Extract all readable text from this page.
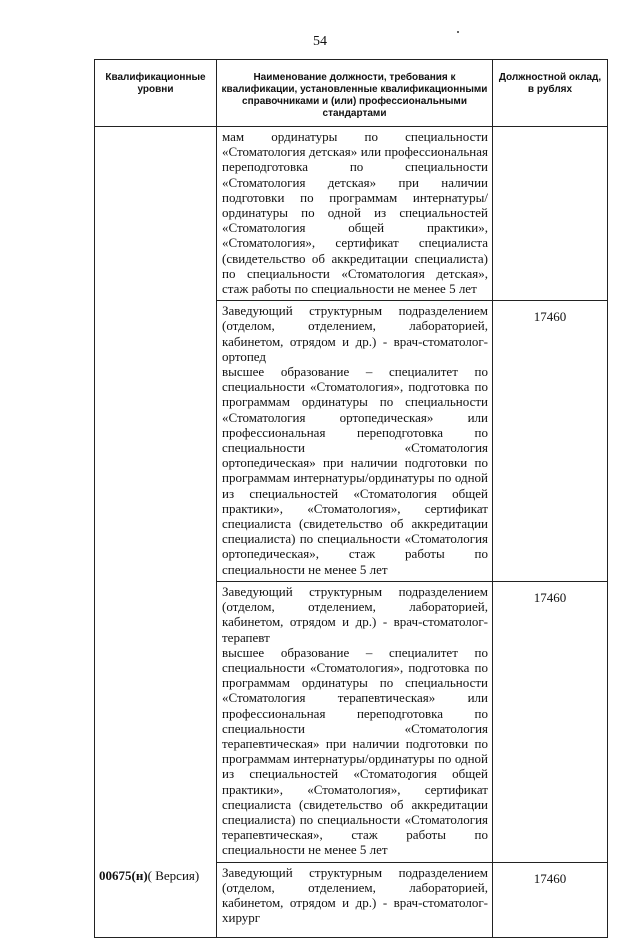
54
Квалификационные уровни	Наименование должности, требования к квалификации, установленные квалификационными справочниками и (или) профессиональными стандартами	Должностной оклад, в рублях

мам ординатуры по специальности «Стоматология детская» или профессиональная переподготовка по специальности «Стоматология детская» при наличии подготовки по программам интернатуры/ординатуры по одной из специальностей «Стоматология общей практики», «Стоматология», сертификат специалиста (свидетельство об аккредитации специалиста) по специальности «Стоматология детская», стаж работы по специальности не менее 5 лет	

	Заведующий структурным подразделением (отделом, отделением, лабораторией, кабинетом, отрядом и др.) - врач-стоматолог-ортопед
высшее образование – специалитет по специальности «Стоматология», подготовка по программам ординатуры по специальности «Стоматология ортопедическая» или профессиональная переподготовка по специальности «Стоматология ортопедическая» при наличии подготовки по программам интернатуры/ординатуры по одной из специальностей «Стоматология общей практики», «Стоматология», сертификат специалиста (свидетельство об аккредитации специалиста) по специальности «Стоматология ортопедическая», стаж работы по специальности не менее 5 лет	17460

	Заведующий структурным подразделением (отделом, отделением, лабораторией, кабинетом, отрядом и др.) - врач-стоматолог-терапевт
высшее образование – специалитет по специальности «Стоматология», подготовка по программам ординатуры по специальности «Стоматология терапевтическая» или профессиональная переподготовка по специальности «Стоматология терапевтическая» при наличии подготовки по программам интернатуры/ординатуры по одной из специальностей «Стоматология общей практики», «Стоматология», сертификат специалиста (свидетельство об аккредитации специалиста) по специальности «Стоматология терапевтическая», стаж работы по специальности не менее 5 лет	17460

	Заведующий структурным подразделением (отделом, отделением, лабораторией, кабинетом, отрядом и др.) - врач-стоматолог-хирург	17460
00675(н)( Версия)
